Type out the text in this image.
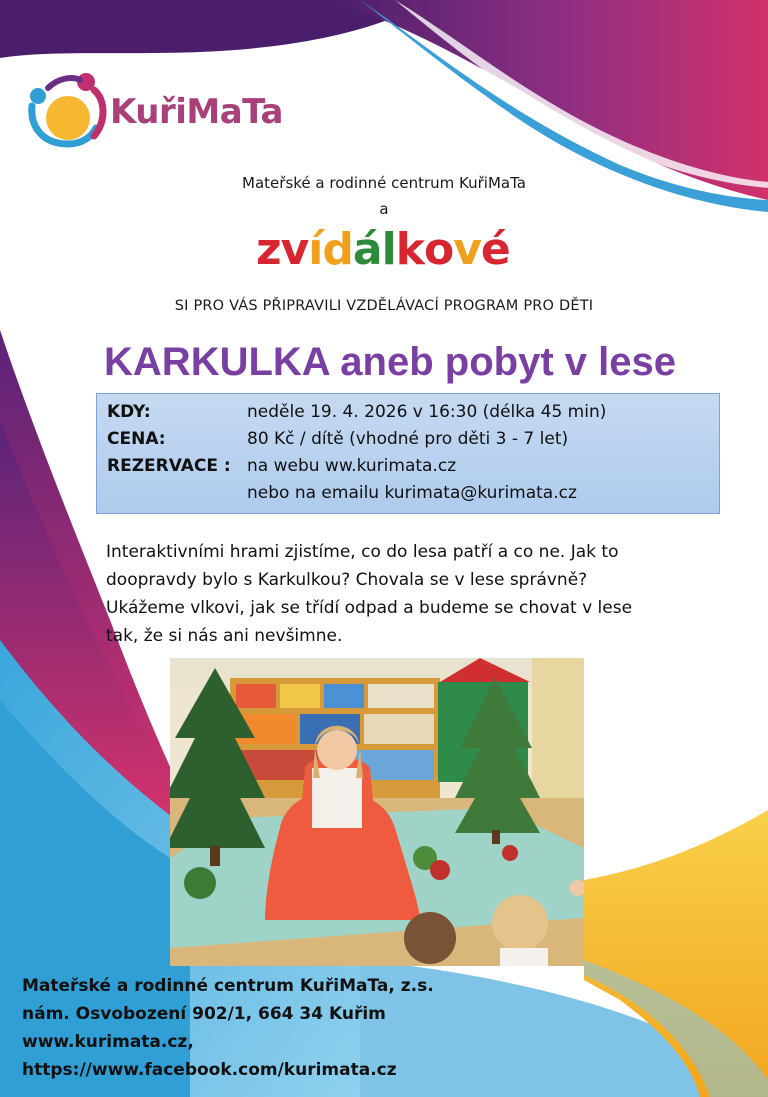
KuřiMaTa
Mateřské a rodinné centrum KuřiMaTa
a
zvídálkové
SI PRO VÁS PŘIPRAVILI VZDĚLÁVACÍ PROGRAM PRO DĚTI
KARKULKA aneb pobyt v lese
KDY:	neděle 19. 4. 2026 v 16:30 (délka 45 min)
CENA:	80 Kč / dítě (vhodné pro děti 3 - 7 let)
REZERVACE : na webu ww.kurimata.cz
nebo na emailu kurimata@kurimata.cz
Interaktivními hrami zjistíme, co do lesa patří a co ne. Jak to
doopravdy bylo s Karkulkou? Chovala se v lese správně?
Ukážeme vlkovi, jak se třídí odpad a budeme se chovat v lese
tak, že si nás ani nevšimne.
Mateřské a rodinné centrum KuřiMaTa, z.s.
nám. Osvobození 902/1, 664 34 Kuřim
www.kurimata.cz,
https://www.facebook.com/kurimata.cz
